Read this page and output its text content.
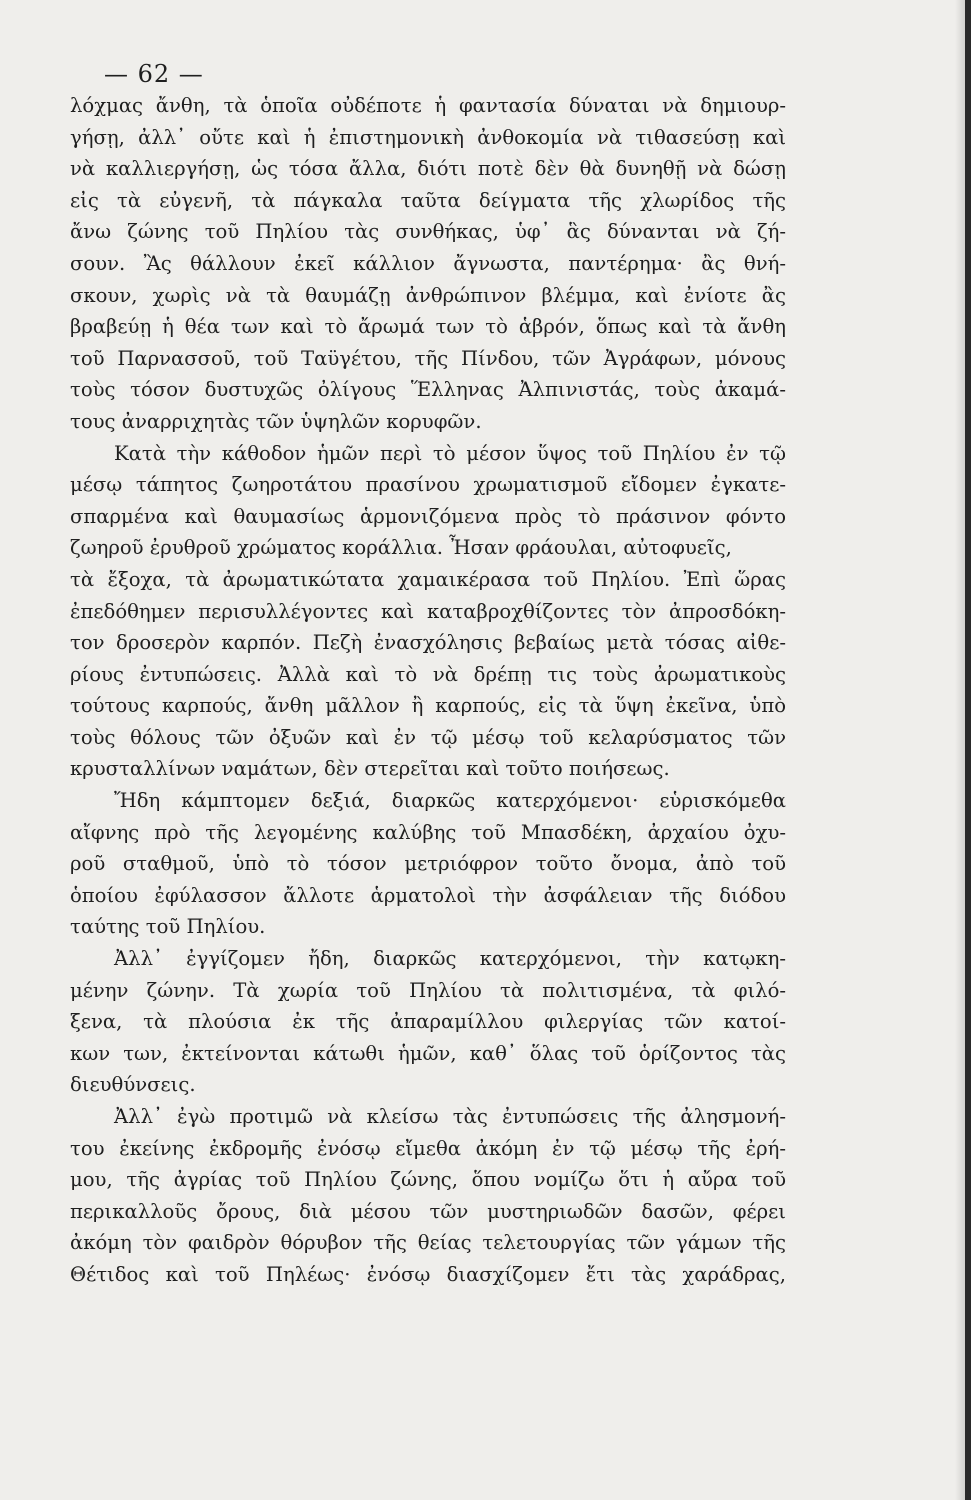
— 62 —
λόχμας ἄνθη, τὰ ὁποῖα οὐδέποτε ἡ φαντασία δύναται νὰ δημιουρ-
γήσῃ, ἀλλ᾽ οὔτε καὶ ἡ ἐπιστημονικὴ ἀνθοκομία νὰ τιθασεύσῃ καὶ
νὰ καλλιεργήσῃ, ὡς τόσα ἄλλα, διότι ποτὲ δὲν θὰ δυνηθῇ νὰ δώσῃ
εἰς τὰ εὐγενῆ, τὰ πάγκαλα ταῦτα δείγματα τῆς χλωρίδος τῆς
ἄνω ζώνης τοῦ Πηλίου τὰς συνθήκας, ὑφ᾽ ἃς δύνανται νὰ ζή-
σουν. Ἂς θάλλουν ἐκεῖ κάλλιον ἄγνωστα, παντέρημα· ἂς θνή-
σκουν, χωρὶς νὰ τὰ θαυμάζῃ ἀνθρώπινον βλέμμα, καὶ ἐνίοτε ἂς
βραβεύῃ ἡ θέα των καὶ τὸ ἄρωμά των τὸ ἁβρόν, ὅπως καὶ τὰ ἄνθη
τοῦ Παρνασσοῦ, τοῦ Ταϋγέτου, τῆς Πίνδου, τῶν Ἀγράφων, μόνους
τοὺς τόσον δυστυχῶς ὀλίγους Ἕλληνας Ἀλπινιστάς, τοὺς ἀκαμά-
τους ἀναρριχητὰς τῶν ὑψηλῶν κορυφῶν.
Κατὰ τὴν κάθοδον ἡμῶν περὶ τὸ μέσον ὕψος τοῦ Πηλίου ἐν τῷ
μέσῳ τάπητος ζωηροτάτου πρασίνου χρωματισμοῦ εἴδομεν ἐγκατε-
σπαρμένα καὶ θαυμασίως ἁρμονιζόμενα πρὸς τὸ πράσινον φόντο
ζωηροῦ ἐρυθροῦ χρώματος κοράλλια. Ἦσαν φράουλαι, αὐτοφυεῖς,
τὰ ἔξοχα, τὰ ἀρωματικώτατα χαμαικέρασα τοῦ Πηλίου. Ἐπὶ ὥρας
ἐπεδόθημεν περισυλλέγοντες καὶ καταβροχθίζοντες τὸν ἀπροσδόκη-
τον δροσερὸν καρπόν. Πεζὴ ἐνασχόλησις βεβαίως μετὰ τόσας αἰθε-
ρίους ἐντυπώσεις. Ἀλλὰ καὶ τὸ νὰ δρέπῃ τις τοὺς ἀρωματικοὺς
τούτους καρπούς, ἄνθη μᾶλλον ἢ καρπούς, εἰς τὰ ὕψη ἐκεῖνα, ὑπὸ
τοὺς θόλους τῶν ὀξυῶν καὶ ἐν τῷ μέσῳ τοῦ κελαρύσματος τῶν
κρυσταλλίνων ναμάτων, δὲν στερεῖται καὶ τοῦτο ποιήσεως.
Ἤδη κάμπτομεν δεξιά, διαρκῶς κατερχόμενοι· εὑρισκόμεθα
αἴφνης πρὸ τῆς λεγομένης καλύβης τοῦ Μπασδέκη, ἀρχαίου ὀχυ-
ροῦ σταθμοῦ, ὑπὸ τὸ τόσον μετριόφρον τοῦτο ὄνομα, ἀπὸ τοῦ
ὁποίου ἐφύλασσον ἄλλοτε ἁρματολοὶ τὴν ἀσφάλειαν τῆς διόδου
ταύτης τοῦ Πηλίου.
Ἀλλ᾽ ἐγγίζομεν ἤδη, διαρκῶς κατερχόμενοι, τὴν κατῳκη-
μένην ζώνην. Τὰ χωρία τοῦ Πηλίου τὰ πολιτισμένα, τὰ φιλό-
ξενα, τὰ πλούσια ἐκ τῆς ἀπαραμίλλου φιλεργίας τῶν κατοί-
κων των, ἐκτείνονται κάτωθι ἡμῶν, καθ᾽ ὅλας τοῦ ὁρίζοντος τὰς
διευθύνσεις.
Ἀλλ᾽ ἐγὼ προτιμῶ νὰ κλείσω τὰς ἐντυπώσεις τῆς ἀλησμονή-
του ἐκείνης ἐκδρομῆς ἐνόσῳ εἴμεθα ἀκόμη ἐν τῷ μέσῳ τῆς ἐρή-
μου, τῆς ἀγρίας τοῦ Πηλίου ζώνης, ὅπου νομίζω ὅτι ἡ αὔρα τοῦ
περικαλλοῦς ὄρους, διὰ μέσου τῶν μυστηριωδῶν δασῶν, φέρει
ἀκόμη τὸν φαιδρὸν θόρυβον τῆς θείας τελετουργίας τῶν γάμων τῆς
Θέτιδος καὶ τοῦ Πηλέως· ἐνόσῳ διασχίζομεν ἔτι τὰς χαράδρας,
